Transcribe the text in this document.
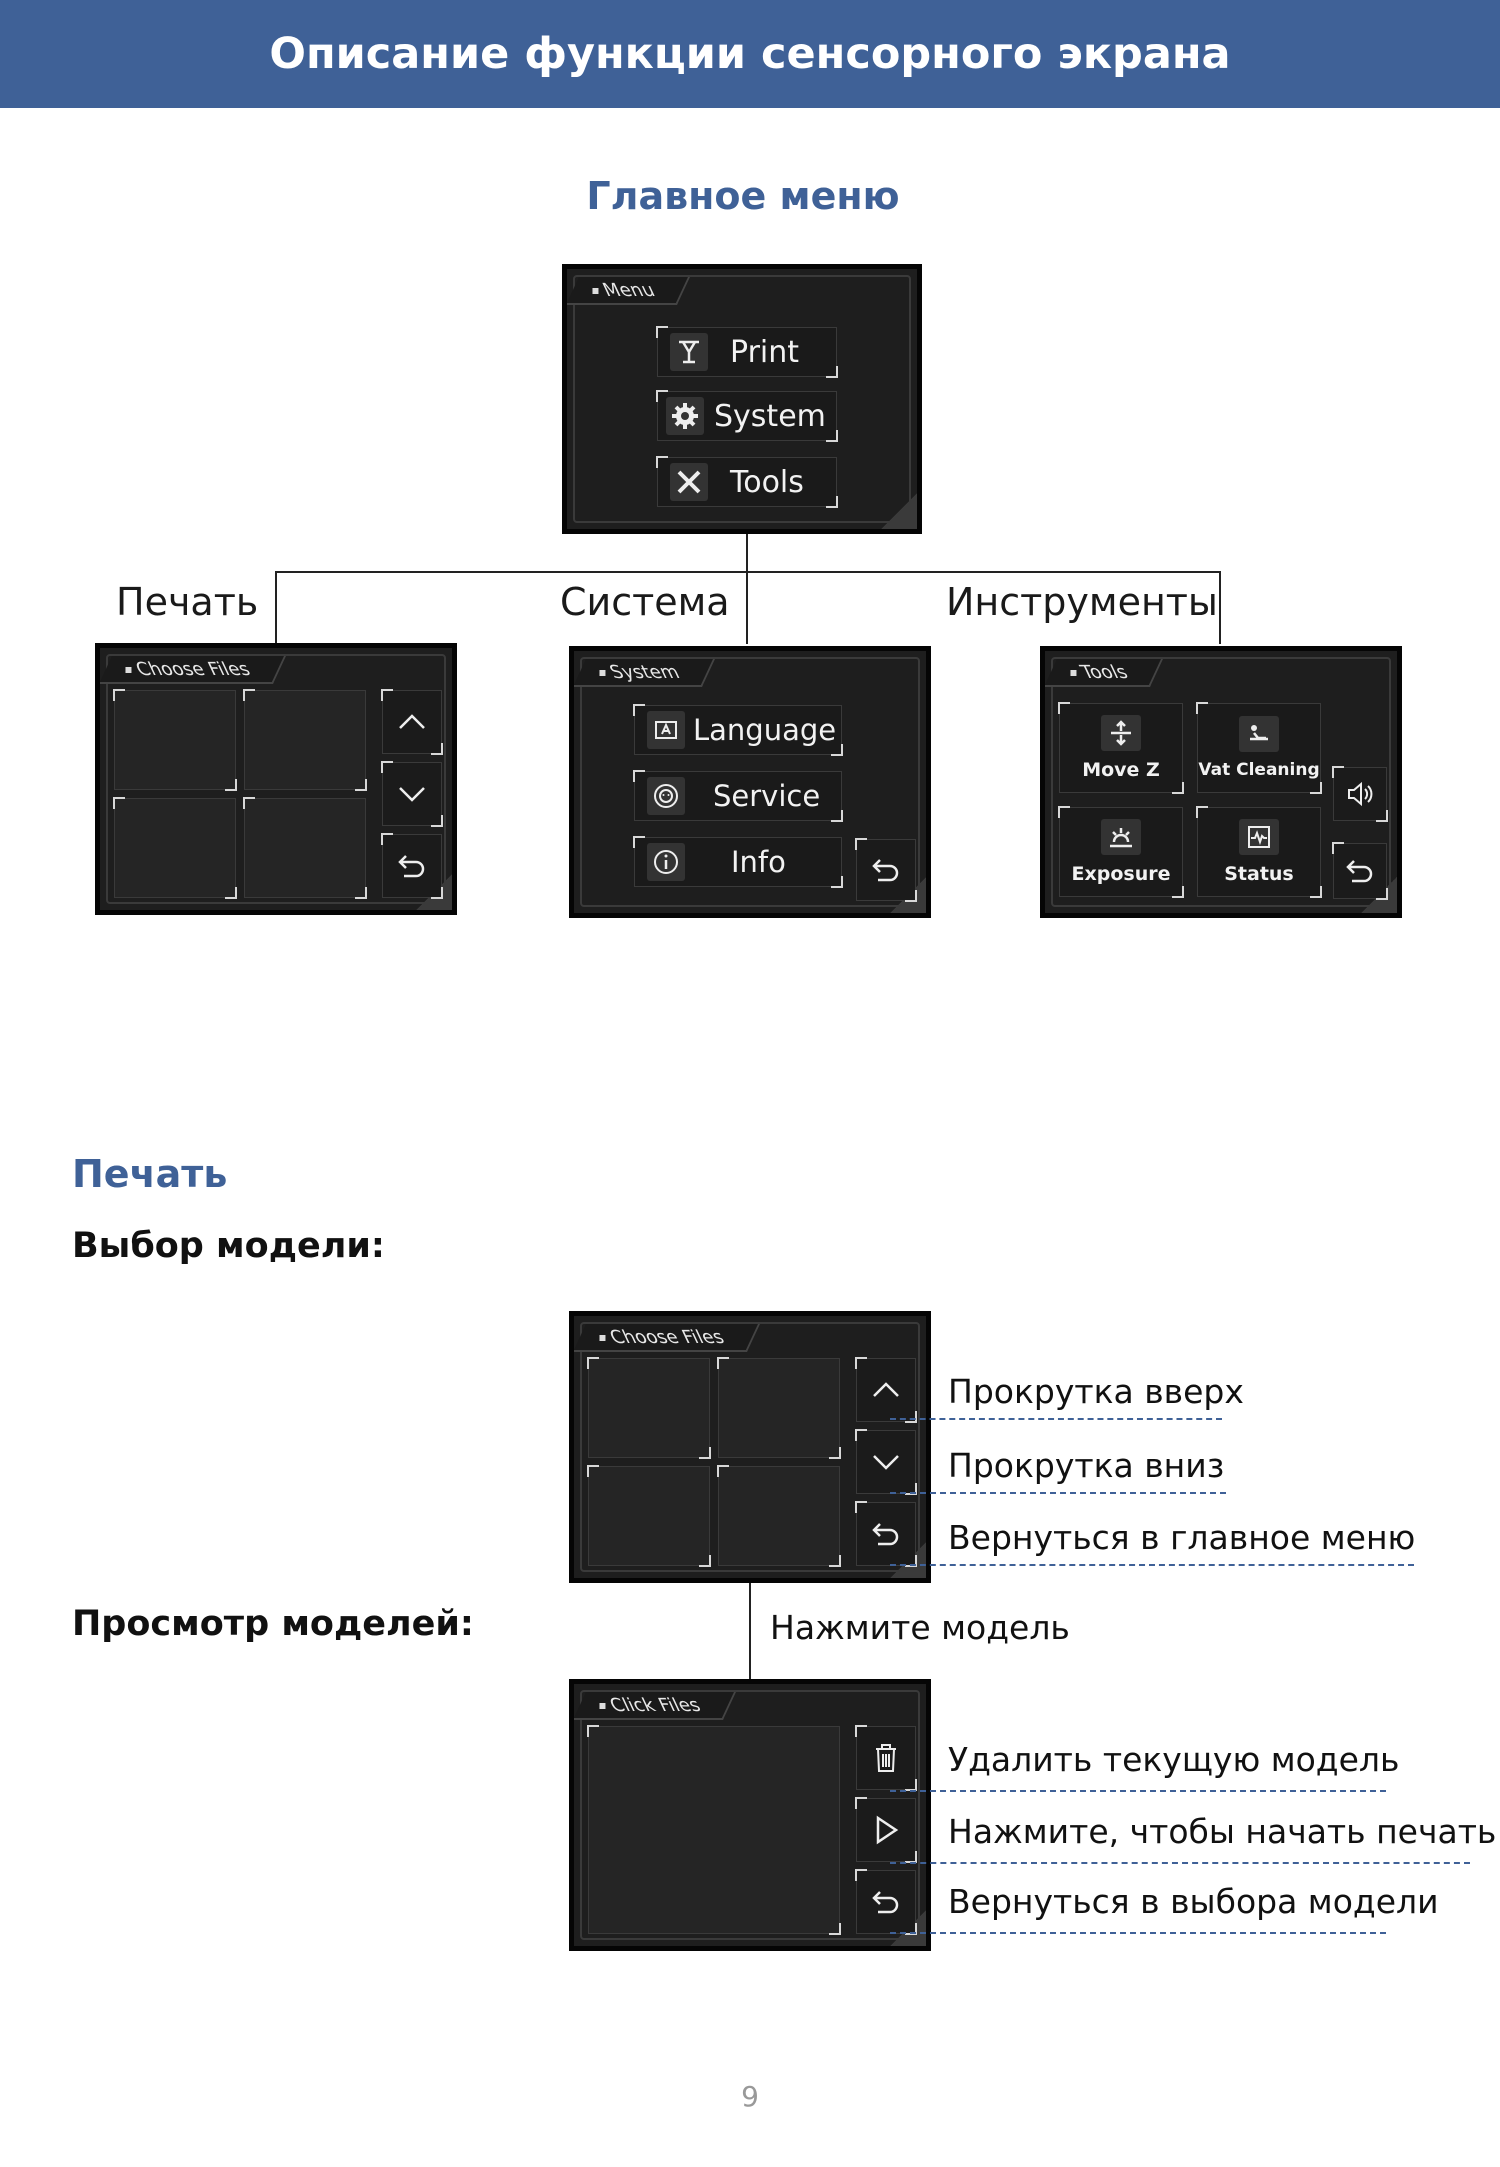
Описание функции сенсорного экрана
Главное меню
Menu
Print
System
Tools
Печать	Система	Инструменты
Choose Files	System
Language
Service
Info
Tools
Move Z Vat Cleaning
Exposure	Status
Печать
Выбор модели:
Choose Files
Прокрутка вверх
Прокрутка вниз
Вернуться в главное меню
Нажмите модель
Просмотр моделей:
Click Files
Удалить текущую модель
Нажмите, чтобы начать печать
Вернуться в выбора модели
9
